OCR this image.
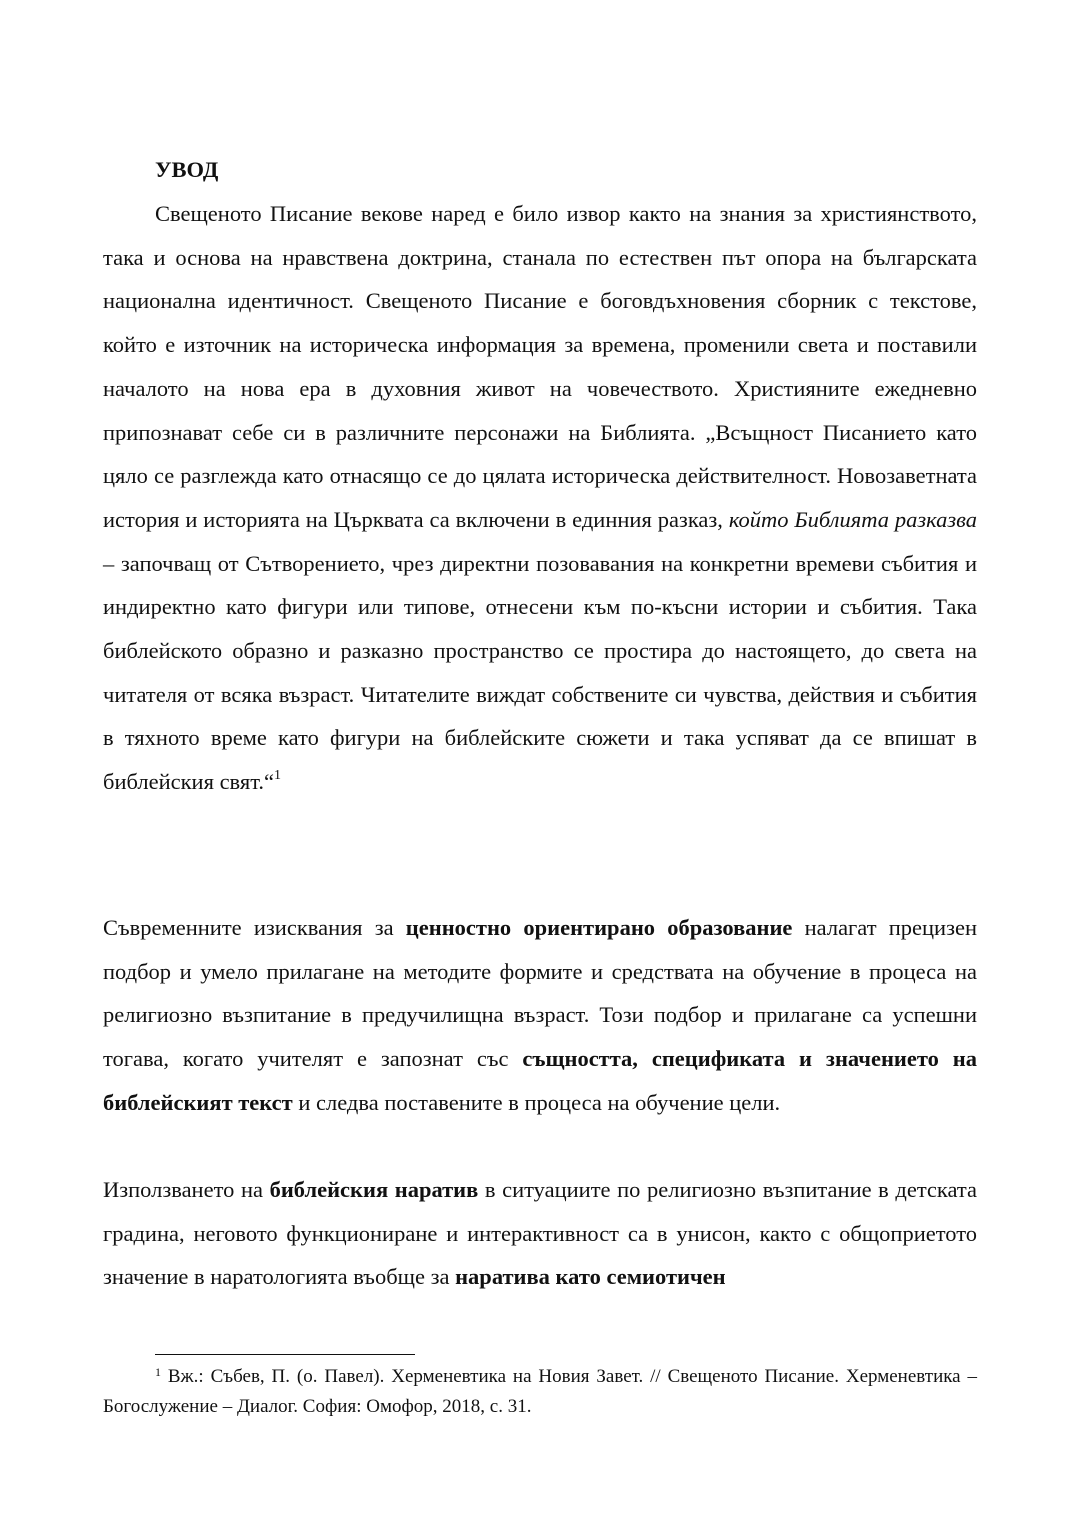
УВОД
Свещеното Писание векове наред е било извор както на знания за християнството, така и основа на нравствена доктрина, станала по естествен път опора на българската национална идентичност. Свещеното Писание е боговдъхновения сборник с текстове, който е източник на историческа информация за времена, променили света и поставили началото на нова ера в духовния живот на човечеството. Християните ежедневно припознават себе си в различните персонажи на Библията. „Всъщност Писанието като цяло се разглежда като отнасящо се до цялата историческа действителност. Новозаветната история и историята на Църквата са включени в единния разказ, който Библията разказва – започващ от Сътворението, чрез директни позовавания на конкретни времеви събития и индиректно като фигури или типове, отнесени към по-късни истории и събития. Така библейското образно и разказно пространство се простира до настоящето, до света на читателя от всяка възраст. Читателите виждат собствените си чувства, действия и събития в тяхното време като фигури на библейските сюжети и така успяват да се впишат в библейския свят.“$^1$
Съвременните изисквания за ценностно ориентирано образование налагат прецизен подбор и умело прилагане на методите формите и средствата на обучение в процеса на религиозно възпитание в предучилищна възраст. Този подбор и прилагане са успешни тогава, когато учителят е запознат със същността, спецификата и значението на библейският текст и следва поставените в процеса на обучение цели.
Използването на библейския наратив в ситуациите по религиозно възпитание в детската градина, неговото функциониране и интерактивност са в унисон, както с общоприетото значение в наратологията въобще за наратива като семиотичен
$^1$ Вж.: Събев, П. (о. Павел). Херменевтика на Новия Завет. // Свещеното Писание. Херменевтика – Богослужение – Диалог. София: Омофор, 2018, с. 31.
